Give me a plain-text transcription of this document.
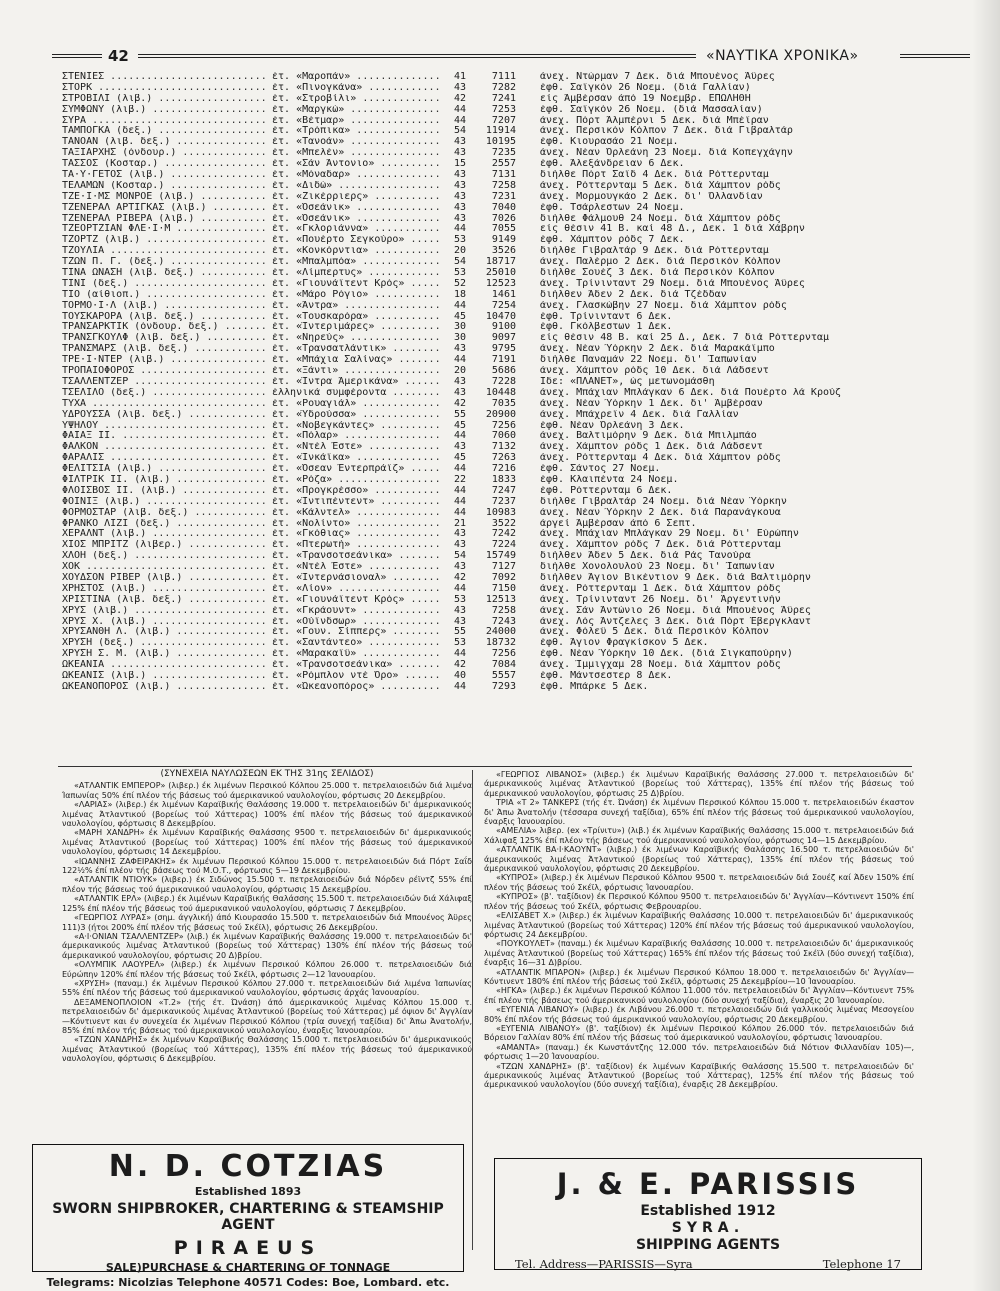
42	«ΝΑΥΤΙΚΑ ΧΡΟΝΙΚΑ»
ΣΤΕΝΙΕΣ .....	έτ. «Μαροπάν» .....	41	7111 άνεχ. Ντώρμαν 7 Δεκ. διά Μπουένος Άϋρες
ΣΤΟΡΚ .....	έτ. «Πινογκάνα» .....	43	7282 έφθ. Σαϊγκόν 26 Νοεμ. (διά Γαλλίαν)
ΣΤΡΟΒΙΛΙ (λιβ.) .....	έτ. «Στροβίλι» .....	42	7241 είς Άμβέρσαν άπό 19 Νοεμβρ. ΕΠΩΛΗΘΗ
ΣΥΜΦΩΝΥ (λιβ.) .....	έτ. «Μαργκώ» .....	44	7253 έφθ. Σαϊγκόν 26 Νοεμ. (διά Μασσαλίαν)
ΣΥΡΑ .....	έτ. «Βέτμαρ» .....	44	7207 άνεχ. Πόρτ Άλμπέρνι 5 Δεκ. διά Μπέϊραν
ΤΑΜΠΟΓΚΑ (δεξ.) .....	έτ. «Τρόπικα» .....	54	11914 άνεχ. Περσικόν Κόλπον 7 Δεκ. διά Γιβραλτάρ
ΤΑΝΟΑΝ (λιβ. δεξ.) .....	έτ. «Τανοάν» .....	43	10195 έφθ. Κιουρασάο 21 Νοεμ.
ΤΑΞΙΑΡΧΗΣ (όνδουρ.) .....	έτ. «Μπελέν» .....	43	7235 άνεχ. Νέαν Όρλεάνη 23 Νοεμ. διά Κοπεγχάγην
ΤΑΣΣΟΣ (Κοσταρ.) .....	έτ. «Σάν Άντονιο» .....	15	2557 έφθ. Άλεξάνδρειαν 6 Δεκ.
ΤΑ·Υ·ΓΕΤΟΣ (λιβ.) .....	έτ. «Μόναδαρ» .....	43	7131 διήλθε Πόρτ Σαΐδ 4 Δεκ. διά Ρόττερνταμ
ΤΕΛΑΜΩΝ (Κοσταρ.) .....	έτ. «Διδώ» .....	43	7258 άνεχ. Ρόττερνταμ 5 Δεκ. διά Χάμπτον ρόδς
ΤΖΕ·Ι·ΜΣ ΜΟΝΡΟΕ (λιβ.) .....	έτ. «Ζικέρριερς» .....	43	7231 άνεχ. Μορμουγκάο 2 Δεκ. δι' Όλλανδίαν
ΤΖΕΝΕΡΑΛ ΑΡΤΙΓΚΑΣ (λιβ.) .....	έτ. «Όσεάνικ» .....	43	7040 έφθ. Τσάρλεστων 24 Νοεμ.
ΤΖΕΝΕΡΑΛ ΡΙΒΕΡΑ (λιβ.) .....	έτ. «Όσεάνικ» .....	43	7026 διήλθε Φάλμουθ 24 Νοεμ. διά Χάμπτον ρόδς
ΤΖΕΟΡΤΖΙΑΝ ΦΛΕ·Ι·Μ .....	έτ. «Γκλοριάννα» .....	44	7055 είς θέσιν 41 Β. καί 48 Δ., Δεκ. 1 διά Χάβρην
ΤΖΟΡΤΖ (λιβ.) .....	έτ. «Πουέρτο Σεγκούρο» .....	53	9149 έφθ. Χάμπτον ρόδς 7 Δεκ.
ΤΖΟΥΛΙΑ .....	έτ. «Κονκόρντια» .....	20	3526 διήλθε Γιβραλτάρ 9 Δεκ. διά Ρόττερνταμ
ΤΖΩΝ Π. Γ. (δεξ.) .....	έτ. «Μπαλμπόα» .....	54	18717 άνεχ. Παλέρμο 2 Δεκ. διά Περσικόν Κόλπον
ΤΙΝΑ ΩΝΑΣΗ (λιβ. δεξ.) .....	έτ. «Λίμπερτυς» .....	53	25010 διήλθε Σουέζ 3 Δεκ. διά Περσικόν Κόλπον
ΤΙΝΙ (δεξ.) .....	έτ. «Γιουνάϊτεντ Κρός» .....	52	12523 άνεχ. Τρίνινταντ 29 Νοεμ. διά Μπουένος Άϋρες
ΤΙΟ (αίθιοπ.) .....	έτ. «Μάρο Ρόγιο» .....	18	1461 διήλθεν Άδεν 2 Δεκ. διά Τζέδδαν
ΤΟΡΜΟ·Ι·Λ (λιβ.) .....	έτ. «Άντρα» .....	44	7254 άνεχ. Γλασκώβην 27 Νοεμ. διά Χάμπτον ρόδς
ΤΟΥΣΚΑΡΟΡΑ (λιβ. δεξ.) .....	έτ. «Τουσκαρόρα» .....	45	10470 έφθ. Τρίνινταντ 6 Δεκ.
ΤΡΑΝΣΑΡΚΤΙΚ (όνδουρ. δεξ.) .....	έτ. «Ίντεριμάρες» .....	30	9100 έφθ. Γκόλβεστων 1 Δεκ.
ΤΡΑΝΣΓΚΟΥΛΦ (λιβ. δεξ.) .....	έτ. «Νηρεύς» .....	30	9097 είς θέσιν 48 Β. καί 25 Δ., Δεκ. 7 διά Ρόττερνταμ
ΤΡΑΝΣΜΑΡΣ (λιβ. δεξ.) .....	έτ. «Τρανσατλάντικ» .....	43	9795 άνεχ. Νέαν Ύόρκην 2 Δεκ. διά Μαρακάϊμπο
ΤΡΕ·Ι·ΝΤΕΡ (λιβ.) .....	έτ. «Μπάχια Σαλίνας» .....	44	7191 διήλθε Παναμάν 22 Νοεμ. δι' Ίαπωνίαν
ΤΡΟΠΑΙΟΦΟΡΟΣ .....	έτ. «Ξάντι» .....	20	5686 άνεχ. Χάμπτον ρόδς 10 Δεκ. διά Λάδσεντ
ΤΣΑΛΛΕΝΤΖΕΡ .....	έτ. «Ίντρα Άμερικάνα» .....	43	7228 Ίδε: «ΠΛΑΝΕΤ», ώς μετωνομάσθη
ΤΣΕΛΙΛΟ (δεξ.) .....	έλληνικά συμφέροντα .....	43	10448 άνεχ. Μπάχιαν Μπλάγκαν 6 Δεκ. διά Πουέρτο λά Κρούζ
ΤΥΧΑ .....	έτ. «Ρουαγιάλ» .....	42	7035 άνεχ. Νέαν Ύόρκην 1 Δεκ. δι' Άμβέρσαν
ΥΔΡΟΥΣΣΑ (λιβ. δεξ.) .....	έτ. «Ύδρούσσα» .....	55	20900 άνεχ. Μπάχρεϊν 4 Δεκ. διά Γαλλίαν
ΥΨΗΛΟΥ .....	έτ. «Νοβεγκάντες» .....	45	7256 έφθ. Νέαν Όρλεάνη 3 Δεκ.
ΦΑΙΑΞ ΙΙ. .....	έτ. «Πόλαρ» .....	44	7060 άνεχ. Βαλτιμόρην 9 Δεκ. διά Μπιλμπάο
ΦΑΛΚΟΝ .....	έτ. «Ντέλ Έστε» .....	43	7132 άνεχ. Χάμπτον ρόδς 1 Δεκ. διά Λάδσεντ
ΦΑΡΑΛΙΣ .....	έτ. «Ίνκάϊκα» .....	45	7263 άνεχ. Ρόττερνταμ 4 Δεκ. διά Χάμπτον ρόδς
ΦΕΛΙΤΣΙΑ (λιβ.) .....	έτ. «Όσεαν Έντερπράϊζ» .....	44	7216 έφθ. Σάντος 27 Νοεμ.
ΦΙΛΤΡΙΚ ΙΙ. (λιβ.) .....	έτ. «Ρόζα» .....	22	1833 έφθ. Κλαιπέντα 24 Νοεμ.
ΦΛΟΙΣΒΟΣ ΙΙ. (λιβ.) .....	έτ. «Προγκρέσσο» .....	44	7247 έφθ. Ρόττερνταμ 6 Δεκ.
ΦΟΙΝΙΞ (λιβ.) .....	έτ. «Ίντιπέντεντ» .....	44	7237 διήλθε Γιβραλτάρ 24 Νοεμ. διά Νέαν Ύόρκην
ΦΟΡΜΟΣΤΑΡ (λιβ. δεξ.) .....	έτ. «Κάλντελ» .....	44	10983 άνεχ. Νέαν Ύόρκην 2 Δεκ. διά Παρανάγκουα
ΦΡΑΝΚΟ ΛΙΖΙ (δεξ.) .....	έτ. «Νολίντο» .....	21	3522 άργεί Άμβέρσαν άπό 6 Σεπτ.
ΧΕΡΑΛΝΤ (λιβ.) .....	έτ. «Γκόθιας» .....	43	7242 άνεχ. Μπάχιαν Μπλάγκαν 29 Νοεμ. δι' Εύρώπην
ΧΙΟΣ ΜΠΡΙΤΖ (λιβερ.) .....	έτ. «Πτερωτή» .....	43	7224 άνεχ. Χάμπτον ρόδς 7 Δεκ. διά Ρόττερνταμ
ΧΛΟΗ (δεξ.) .....	έτ. «Τρανσοτσεάνικα» .....	54	15749 διήλθεν Άδεν 5 Δεκ. διά Ράς Τανούρα
ΧΟΚ .....	έτ. «Ντέλ Έστε» .....	43	7127 διήλθε Χονολουλού 23 Νοεμ. δι' Ίαπωνίαν
ΧΟΥΔΣΟΝ ΡΙΒΕΡ (λιβ.) .....	έτ. «Ίντερνάσιοναλ» .....	42	7092 διήλθεν Άγιον Βικέντιον 9 Δεκ. διά Βαλτιμόρην
ΧΡΗΣΤΟΣ (λιβ.) .....	έτ. «Λίον» .....	44	7150 άνεχ. Ρόττερνταμ 1 Δεκ. διά Χάμπτον ρόδς
ΧΡΙΣΤΙΝΑ (λιβ. δεξ.) .....	έτ. «Γιουνάϊτεντ Κρός» .....	53	12513 άνεχ. Τρίνινταντ 26 Νοεμ. δι' Άργεντινήν
ΧΡΥΣ (λιβ.) .....	έτ. «Γκράουντ» .....	43	7258 άνεχ. Σάν Άντώνιο 26 Νοεμ. διά Μπουένος Άϋρες
ΧΡΥΣ Χ. (λιβ.) .....	έτ. «Ούϊνδσωρ» .....	43	7243 άνεχ. Λός Άντζελες 3 Δεκ. διά Πόρτ Έβεργκλαντ
ΧΡΥΣΑΝΘΗ Λ. (λιβ.) .....	έτ. «Γουν. Σίππερς» .....	55	24000 άνεχ. Φόλεϋ 5 Δεκ. διά Περσικόν Κόλπον
ΧΡΥΣΗ (δεξ.) .....	έτ. «Σαντάντεο» .....	53	18732 έφθ. Άγιον Φραγκίσκον 5 Δεκ.
ΧΡΥΣΗ Σ. Μ. (λιβ.) .....	έτ. «Μαρακαΐϋ» .....	44	7256 έφθ. Νέαν Ύόρκην 10 Δεκ. (διά Σιγκαπούρην)
ΩΚΕΑΝΙΑ .....	έτ. «Τρανσοτσεάνικα» .....	42	7084 άνεχ. Ίμμιγχαμ 28 Νοεμ. διά Χάμπτον ρόδς
ΩΚΕΑΝΙΣ (λιβ.) .....	έτ. «Ρόμπλον ντέ Όρο» .....	40	5557 έφθ. Μάντσεστερ 8 Δεκ.
ΩΚΕΑΝΟΠΟΡΟΣ (λιβ.) .....	έτ. «Ώκεανοπόρος» .....	44	7293 έφθ. Μπάρκε 5 Δεκ.

(ΣΥΝΕΧΕΙΑ ΝΑΥΛΩΣΕΩΝ ΕΚ ΤΗΣ 31ης ΣΕΛΙΔΟΣ)

«ΑΤΛΑΝΤΙΚ ΕΜΠΕΡΟΡ» (λιβερ.) έκ λιμένων Περσικού Κόλπου 25.000 τ. πετρελαιοειδών διά λιμένα Ίαπωνίας 50% έπί πλέον τής βάσεως τού άμερικανικού ναυλολογίου, φόρτωσις 20 Δεκεμβρίου.

«ΛΑΡΙΑΣ» (λιβερ.) έκ λιμένων Καραϊβικής Θαλάσσης 19.000 τ. πετρελαιοειδών δι' άμερικανικούς λιμένας Άτλαντικού (βορείως τού Χάττερας) 100% έπί πλέον τής βάσεως τού άμερικανικού ναυλολογίου, φόρτωσις 8 Δεκεμβρίου.

«ΜΑΡΗ ΧΑΝΔΡΗ» έκ λιμένων Καραϊβικής Θαλάσσης 9500 τ. πετρελαιοειδών δι' άμερικανικούς λιμένας Άτλαντικού (βορείως τού Χάττερας) 100% έπί πλέον τής βάσεως τού άμερικανικού ναυλολογίου, φόρτωσις 14 Δεκεμβρίου.

«ΙΩΑΝΝΗΣ ΖΑΦΕΙΡΑΚΗΣ» έκ λιμένων Περσικού Κόλπου 15.000 τ. πετρελαιοειδών διά Πόρτ Σαΐδ 122½% έπί πλέον τής βάσεως τού Μ.Ο.Τ., φόρτωσις 5—19 Δεκεμβρίου.

«ΑΤΛΑΝΤΙΚ ΝΤΙΟΥΚ» (λιβερ.) έκ Σιδώνος 15.500 τ. πετρελαιοειδών διά Νόρδεν ρέϊντζ 55% έπί πλέον τής βάσεως τού άμερικανικού ναυλολογίου, φόρτωσις 15 Δεκεμβρίου.

«ΑΤΛΑΝΤΙΚ ΕΡΛ» (λιβερ.) έκ λιμένων Καραϊβικής Θαλάσσης 15.500 τ. πετρελαιοειδών διά Χάλιφαξ 125% έπί πλέον τής βάσεως τού άμερικανικού ναυλολογίου, φόρτωσις 7 Δεκεμβρίου.

«ΓΕΩΡΓΙΟΣ ΛΥΡΑΣ» (σημ. άγγλική) άπό Κιουρασάο 15.500 τ. πετρελαιοειδών διά Μπουένος Άϋρες 111)3 (ήτοι 200% έπί πλέον τής βάσεως τού Σκέϊλ), φόρτωσις 26 Δεκεμβρίου.

«Α·Ι·ΟΝΙΑΝ ΤΣΑΛΛΕΝΤΖΕΡ» (λιβ.) έκ λιμένων Καραϊβικής Θαλάσσης 19.000 τ. πετρελαιοειδών δι' άμερικανικούς λιμένας Άτλαντικού (βορείως τού Χάττερας) 130% έπί πλέον τής βάσεως τού άμερικανικού ναυλολογίου, φόρτωσις 20 Δ)βρίου.

«ΟΛΥΜΠΙΚ ΛΑΟΥΡΕΛ» (λιβερ.) έκ λιμένων Περσικού Κόλπου 26.000 τ. πετρελαιοειδών διά Εύρώπην 120% έπί πλέον τής βάσεως τού Σκέϊλ, φόρτωσις 2—12 Ίανουαρίου.

«ΧΡΥΣΗ» (παναμ.) έκ λιμένων Περσικού Κόλπου 27.000 τ. πετρελαιοειδών διά λιμένα Ίαπωνίας 55% έπί πλέον τής βάσεως τού άμερικανικού ναυλολογίου, φόρτωσις άρχάς Ίανουαρίου.

ΔΕΞΑΜΕΝΟΠΛΟΙΟΝ «Τ.2» (τής έτ. Ώνάση) άπό άμερικανικούς λιμένας Κόλπου 15.000 τ. πετρελαιοειδών δι' άμερικανικούς λιμένας Άτλαντικού (βορείως τού Χάττερας) μέ όψιον δι' Άγγλίαν—Κόντινεντ και έν συνεχεία έκ λιμένων Περσικού Κόλπου (τρία συνεχή ταξίδια) δι' Άπω Άνατολήν, 85% έπί πλέον τής βάσεως τού άμερικανικού ναυλολογίου, έναρξις Ίανουαρίου.

«ΤΖΩΝ ΧΑΝΔΡΗΣ» έκ λιμένων Καραϊβικής Θαλάσσης 15.000 τ. πετρελαιοειδών δι' άμερικανικούς λιμένας Άτλαντικού (βορείως τού Χάττερας), 135% έπί πλέον τής βάσεως τού άμερικανικού ναυλολογίου, φόρτωσις 6 Δεκεμβρίου.

«ΓΕΩΡΓΙΟΣ ΛΙΒΑΝΟΣ» (λιβερ.) έκ λιμένων Καραϊβικής Θαλάσσης 27.000 τ. πετρελαιοειδών δι' άμερικανικούς λιμένας Άτλαντικού (βορείως τού Χάττερας), 135% έπί πλέον τής βάσεως τού άμερικανικού ναυλολογίου, φόρτωσις 25 Δ)βρίου.

ΤΡΙΑ «Τ 2» ΤΑΝΚΕΡΣ (τής έτ. Ώνάση) έκ λιμένων Περσικού Κόλπου 15.000 τ. πετρελαιοειδών έκαστον δι' Άπω Άνατολήν (τέσσαρα συνεχή ταξίδια), 65% έπί πλέον τής βάσεως τού άμερικανικού ναυλολογίου, έναρξις Ίανουαρίου.

«ΑΜΕΛΙΑ» λιβερ. (ex «Τρίνιτυ») (λιβ.) έκ λιμένων Καραϊβικής Θαλάσσης 15.000 τ. πετρελαιοειδών διά Χάλιφαξ 125% έπί πλέον τής βάσεως τού άμερικανικού ναυλολογίου, φόρτωσις 14—15 Δεκεμβρίου.

«ΑΤΛΑΝΤΙΚ ΒΑ·Ι·ΚΑΟΥΝΤ» (λιβερ.) έκ λιμένων Καραϊβικής Θαλάσσης 16.500 τ. πετρελαιοειδών δι' άμερικανικούς λιμένας Άτλαντικού (βορείως τού Χάττερας), 135% έπί πλέον τής βάσεως τού άμερικανικού ναυλολογίου, φόρτωσις 20 Δεκεμβρίου.

«ΚΥΠΡΟΣ» (λιβερ.) έκ λιμένων Περσικού Κόλπου 9500 τ. πετρελαιοειδών διά Σουέζ καί Άδεν 150% έπί πλέον τής βάσεως τού Σκέϊλ, φόρτωσις Ίανουαρίου.

«ΚΥΠΡΟΣ» (β'. ταξίδιον) έκ Περσικού Κόλπου 9500 τ. πετρελαιοειδών δι' Άγγλίαν—Κόντινεντ 150% έπί πλέον τής βάσεως τού Σκέϊλ, φόρτωσις Φεβρουαρίου.

«ΕΛΙΣΑΒΕΤ Χ.» (λιβερ.) έκ λιμένων Καραϊβικής Θαλάσσης 10.000 τ. πετρελαιοειδών δι' άμερικανικούς λιμένας Άτλαντικού (βορείως τού Χάττερας) 120% έπί πλέον τής βάσεως τού άμερικανικού ναυλολογίου, φόρτωσις 24 Δεκεμβρίου.

«ΠΟΥΚΟΥΛΕΤ» (παναμ.) έκ λιμένων Καραϊβικής Θαλάσσης 10.000 τ. πετρελαιοειδών δι' άμερικανικούς λιμένας Άτλαντικού (βορείως τού Χάττερας) 165% έπί πλέον τής βάσεως τού Σκέϊλ (δύο συνεχή ταξίδια), έναρξις 16—31 Δ)βρίου.

«ΑΤΛΑΝΤΙΚ ΜΠΑΡΟΝ» (λιβερ.) έκ λιμένων Περσικού Κόλπου 18.000 τ. πετρελαιοειδών δι' Άγγλίαν—Κόντινεντ 180% έπί πλέον τής βάσεως τού Σκέϊλ, φόρτωσις 25 Δεκεμβρίου—10 Ίανουαρίου.

«ΗΓΚΑ» (λιβερ.) έκ λιμένων Περσικού Κόλπου 11.000 τόν. πετρελαιοειδών δι' Άγγλίαν—Κόντινεντ 75% έπί πλέον τής βάσεως τού άμερικανικού ναυλολογίου (δύο συνεχή ταξίδια), έναρξις 20 Ίανουαρίου.

«ΕΥΓΕΝΙΑ ΛΙΒΑΝΟΥ» (λιβερ.) έκ Λιβάνου 26.000 τ. πετρελαιοειδών διά γαλλικούς λιμένας Μεσογείου 80% έπί πλέον τής βάσεως τού άμερικανικού ναυλολογίου, φόρτωσις 20 Δεκεμβρίου.

«ΕΥΓΕΝΙΑ ΛΙΒΑΝΟΥ» (β'. ταξίδιον) έκ λιμένων Περσικού Κόλπου 26.000 τόν. πετρελαιοειδών διά Βόρειον Γαλλίαν 80% έπί πλέον τής βάσεως τού άμερικανικού ναυλολογίου, φόρτωσις Ίανουαρίου.

«ΑΜΑΝΤΑ» (παναμ.) έκ Κωνστάντζης 12.000 τόν. πετρελαιοειδών διά Νότιον Φιλλανδίαν 105)—, φόρτωσις 1—20 Ίανουαρίου.

«ΤΖΩΝ ΧΑΝΔΡΗΣ» (β'. ταξίδιον) έκ λιμένων Καραϊβικής Θαλάσσης 15.500 τ. πετρελαιοειδών δι' άμερικανικούς λιμένας Άτλαντικού (βορείως τού Χάττερας), 125% έπί πλέον τής βάσεως τού άμερικανικού ναυλολογίου (δύο συνεχή ταξίδια), έναρξις 28 Δεκεμβρίου.

N. D. COTZIAS
Established 1893
SWORN SHIPBROKER, CHARTERING & STEAMSHIP AGENT
PIRAEUS
SALE)PURCHASE & CHARTERING OF TONNAGE
Telegrams: Nicolzias Telephone 40571 Codes: Boe, Lombard. etc.
J. & E. PARISSIS
Established 1912
SYRA.
SHIPPING AGENTS
Tel. Address—PARISSIS—Syra	Telephone 17
